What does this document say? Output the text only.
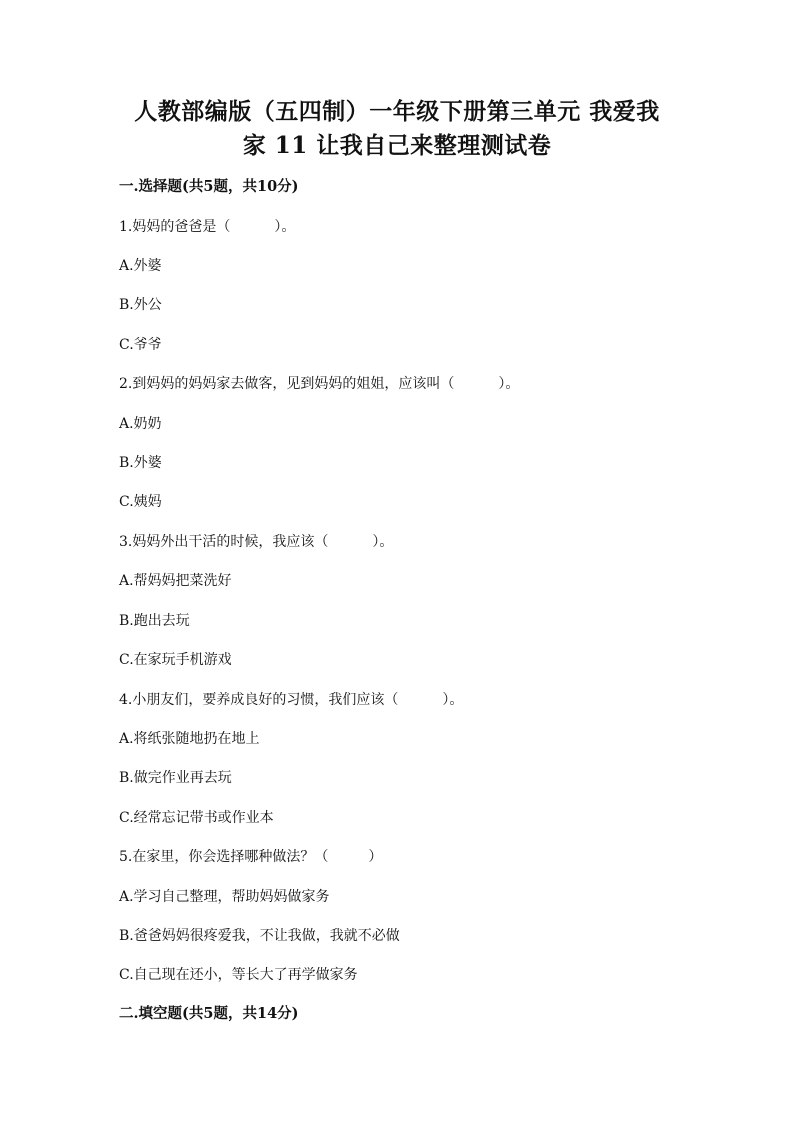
人教部编版（五四制）一年级下册第三单元 我爱我
家 11 让我自己来整理测试卷
一.选择题(共5题，共10分)
1.妈妈的爸爸是（	）。
A.外婆
B.外公
C.爷爷
2.到妈妈的妈妈家去做客，见到妈妈的姐姐，应该叫（	）。
A.奶奶
B.外婆
C.姨妈
3.妈妈外出干活的时候，我应该（	）。
A.帮妈妈把菜洗好
B.跑出去玩
C.在家玩手机游戏
4.小朋友们，要养成良好的习惯，我们应该（	）。
A.将纸张随地扔在地上
B.做完作业再去玩
C.经常忘记带书或作业本
5.在家里，你会选择哪种做法？（	）
A.学习自己整理，帮助妈妈做家务
B.爸爸妈妈很疼爱我，不让我做，我就不必做
C.自己现在还小，等长大了再学做家务
二.填空题(共5题，共14分)
